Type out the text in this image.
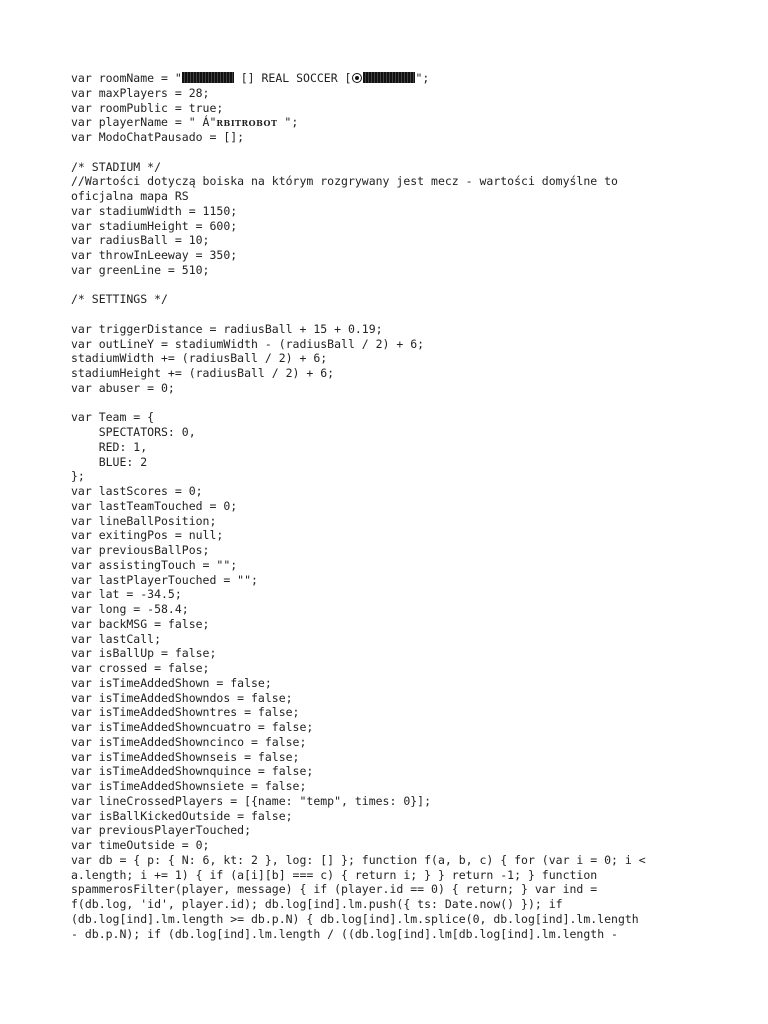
var roomName = "	[] REAL SOCCER [	";
var maxPlayers = 28;
var roomPublic = true;
var playerName = " Á"RBITROBOT ";
var ModoChatPausado = [];
/* STADIUM */
//Wartości dotyczą boiska na którym rozgrywany jest mecz - wartości domyślne to
oficjalna mapa RS
var stadiumWidth = 1150;
var stadiumHeight = 600;
var radiusBall = 10;
var throwInLeeway = 350;
var greenLine = 510;
/* SETTINGS */
var triggerDistance = radiusBall + 15 + 0.19;
var outLineY = stadiumWidth - (radiusBall / 2) + 6;
stadiumWidth += (radiusBall / 2) + 6;
stadiumHeight += (radiusBall / 2) + 6;
var abuser = 0;
var Team = {
SPECTATORS: 0,
RED: 1,
BLUE: 2
};
var lastScores = 0;
var lastTeamTouched = 0;
var lineBallPosition;
var exitingPos = null;
var previousBallPos;
var assistingTouch = "";
var lastPlayerTouched = "";
var lat = -34.5;
var long = -58.4;
var backMSG = false;
var lastCall;
var isBallUp = false;
var crossed = false;
var isTimeAddedShown = false;
var isTimeAddedShowndos = false;
var isTimeAddedShowntres = false;
var isTimeAddedShowncuatro = false;
var isTimeAddedShowncinco = false;
var isTimeAddedShownseis = false;
var isTimeAddedShownquince = false;
var isTimeAddedShownsiete = false;
var lineCrossedPlayers = [{name: "temp", times: 0}];
var isBallKickedOutside = false;
var previousPlayerTouched;
var timeOutside = 0;
var db = { p: { N: 6, kt: 2 }, log: [] }; function f(a, b, c) { for (var i = 0; i <
a.length; i += 1) { if (a[i][b] === c) { return i; } } return -1; } function
spammerosFilter(player, message) { if (player.id == 0) { return; } var ind =
f(db.log, 'id', player.id); db.log[ind].lm.push({ ts: Date.now() }); if
(db.log[ind].lm.length >= db.p.N) { db.log[ind].lm.splice(0, db.log[ind].lm.length
- db.p.N); if (db.log[ind].lm.length / ((db.log[ind].lm[db.log[ind].lm.length -
